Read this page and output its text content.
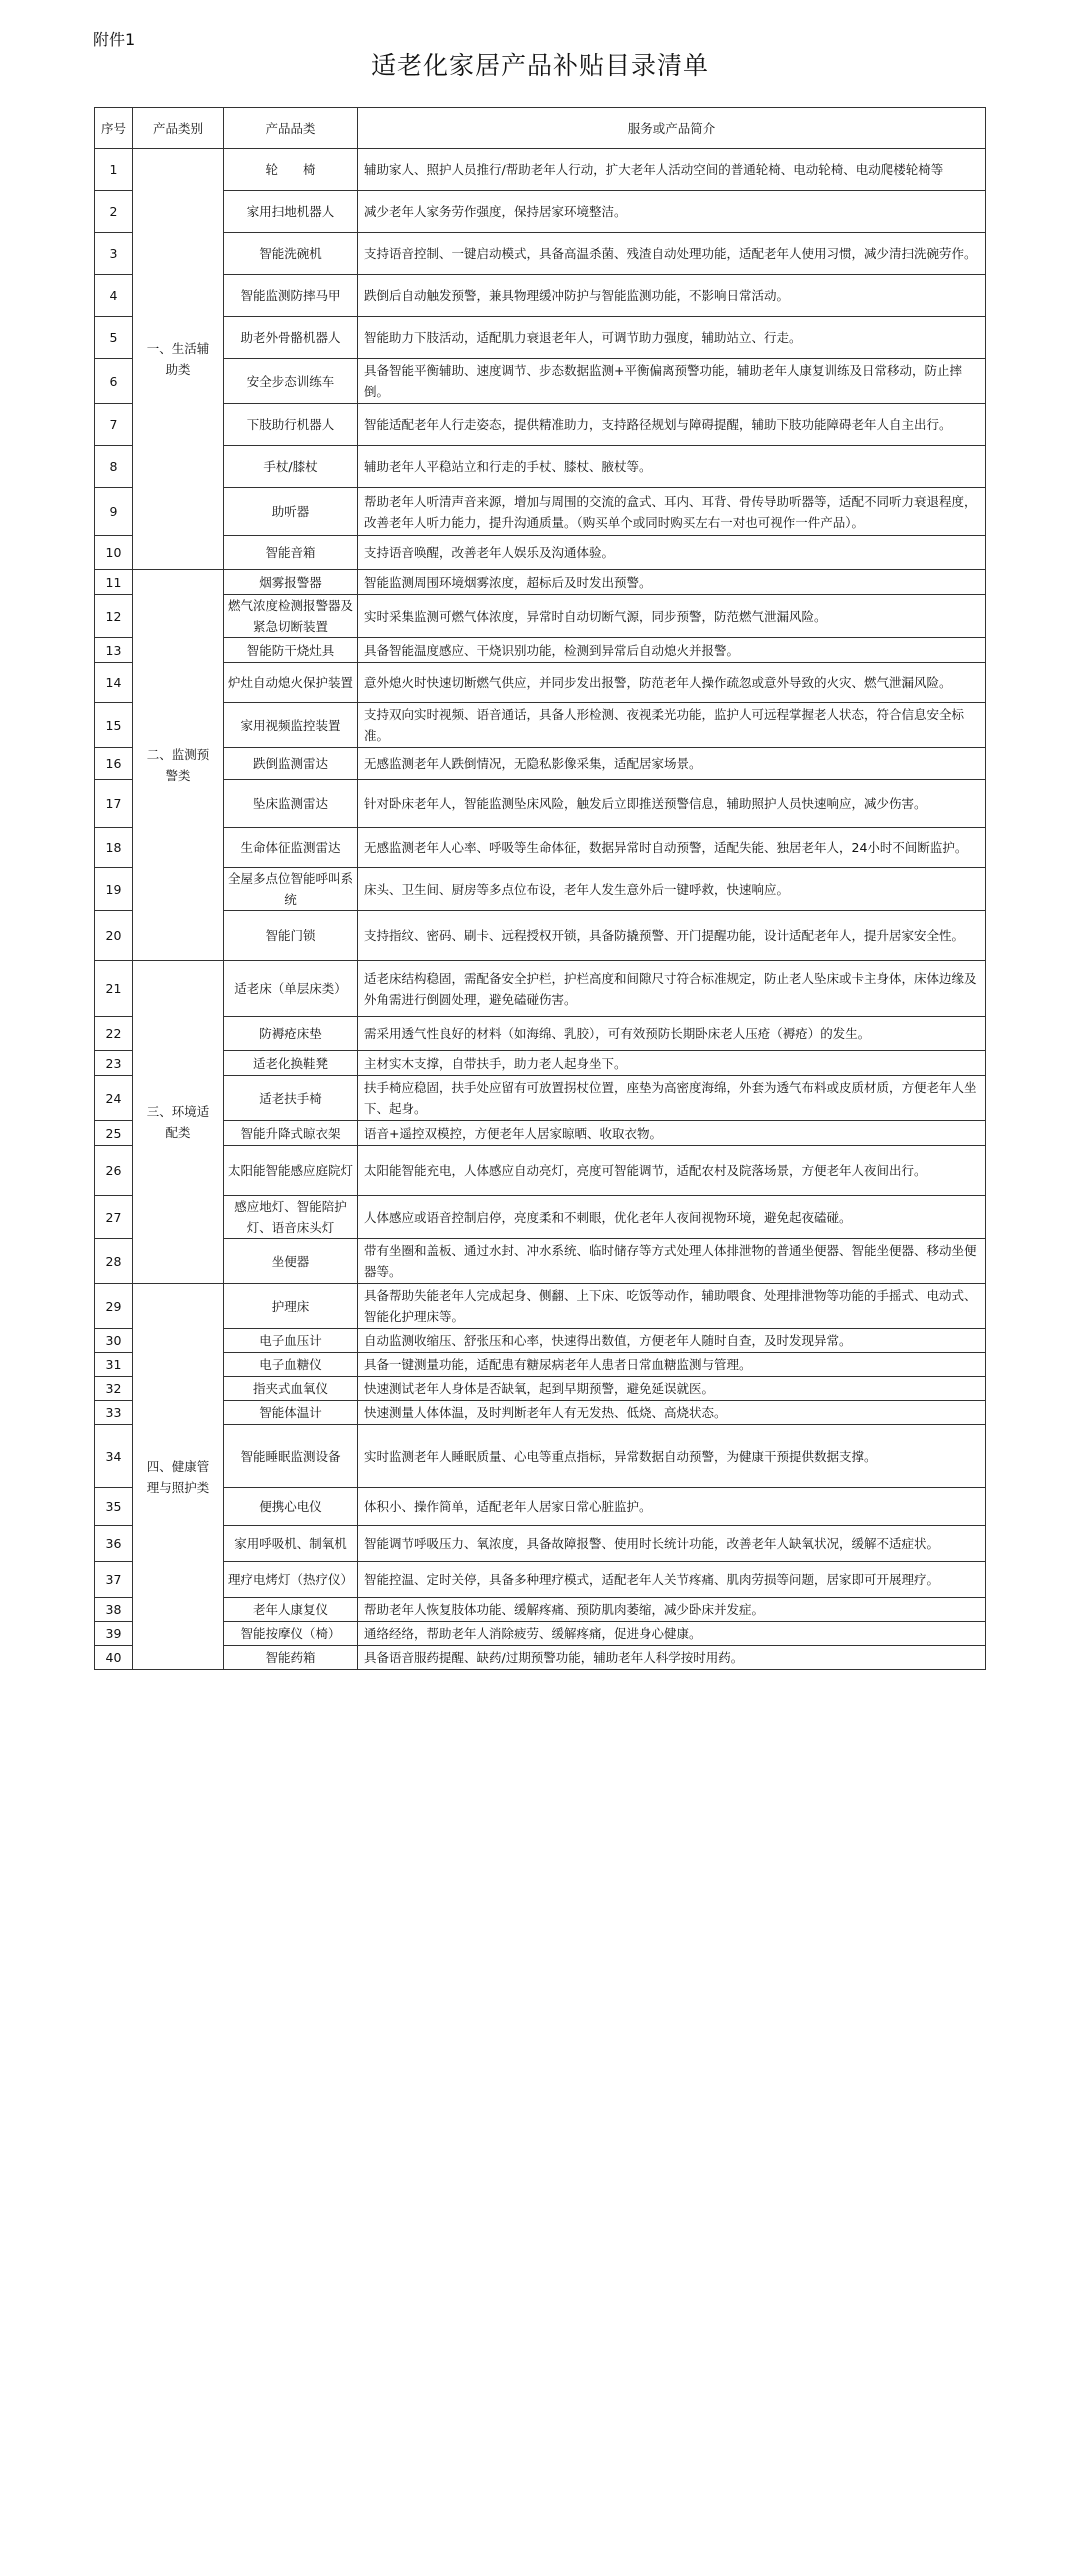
附件1
适老化家居产品补贴目录清单
序号	产品类别	产品品类	服务或产品简介
1	一、生活辅助类	轮　　椅	辅助家人、照护人员推行/帮助老年人行动，扩大老年人活动空间的普通轮椅、电动轮椅、电动爬楼轮椅等
2		家用扫地机器人	减少老年人家务劳作强度，保持居家环境整洁。
3		智能洗碗机	支持语音控制、一键启动模式，具备高温杀菌、残渣自动处理功能，适配老年人使用习惯，减少清扫洗碗劳作。
4		智能监测防摔马甲	跌倒后自动触发预警，兼具物理缓冲防护与智能监测功能，不影响日常活动。
5		助老外骨骼机器人	智能助力下肢活动，适配肌力衰退老年人，可调节助力强度，辅助站立、行走。
6		安全步态训练车	具备智能平衡辅助、速度调节、步态数据监测+平衡偏离预警功能，辅助老年人康复训练及日常移动，防止摔倒。
7		下肢助行机器人	智能适配老年人行走姿态，提供精准助力，支持路径规划与障碍提醒，辅助下肢功能障碍老年人自主出行。
8		手杖/膝杖	辅助老年人平稳站立和行走的手杖、膝杖、腋杖等。
9		助听器	帮助老年人听清声音来源，增加与周围的交流的盒式、耳内、耳背、骨传导助听器等，适配不同听力衰退程度，改善老年人听力能力，提升沟通质量。（购买单个或同时购买左右一对也可视作一件产品）。
10		智能音箱	支持语音唤醒，改善老年人娱乐及沟通体验。
11	二、监测预警类	烟雾报警器	智能监测周围环境烟雾浓度，超标后及时发出预警。
12		燃气浓度检测报警器及紧急切断装置	实时采集监测可燃气体浓度，异常时自动切断气源，同步预警，防范燃气泄漏风险。
13		智能防干烧灶具	具备智能温度感应、干烧识别功能，检测到异常后自动熄火并报警。
14		炉灶自动熄火保护装置	意外熄火时快速切断燃气供应，并同步发出报警，防范老年人操作疏忽或意外导致的火灾、燃气泄漏风险。
15		家用视频监控装置	支持双向实时视频、语音通话，具备人形检测、夜视柔光功能，监护人可远程掌握老人状态，符合信息安全标准。
16		跌倒监测雷达	无感监测老年人跌倒情况，无隐私影像采集，适配居家场景。
17		坠床监测雷达	针对卧床老年人，智能监测坠床风险，触发后立即推送预警信息，辅助照护人员快速响应，减少伤害。
18		生命体征监测雷达	无感监测老年人心率、呼吸等生命体征，数据异常时自动预警，适配失能、独居老年人，24小时不间断监护。
19		全屋多点位智能呼叫系统	床头、卫生间、厨房等多点位布设，老年人发生意外后一键呼救，快速响应。
20		智能门锁	支持指纹、密码、刷卡、远程授权开锁，具备防撬预警、开门提醒功能，设计适配老年人，提升居家安全性。
21	三、环境适配类	适老床（单层床类）	适老床结构稳固，需配备安全护栏，护栏高度和间隙尺寸符合标准规定，防止老人坠床或卡主身体，床体边缘及外角需进行倒圆处理，避免磕碰伤害。
22		防褥疮床垫	需采用透气性良好的材料（如海绵、乳胶），可有效预防长期卧床老人压疮（褥疮）的发生。
23		适老化换鞋凳	主材实木支撑，自带扶手，助力老人起身坐下。
24		适老扶手椅	扶手椅应稳固，扶手处应留有可放置拐杖位置，座垫为高密度海绵，外套为透气布料或皮质材质，方便老年人坐下、起身。
25		智能升降式晾衣架	语音+遥控双模控，方便老年人居家晾晒、收取衣物。
26		太阳能智能感应庭院灯	太阳能智能充电，人体感应自动亮灯，亮度可智能调节，适配农村及院落场景，方便老年人夜间出行。
27		感应地灯、智能陪护灯、语音床头灯	人体感应或语音控制启停，亮度柔和不刺眼，优化老年人夜间视物环境，避免起夜磕碰。
28		坐便器	带有坐圈和盖板、通过水封、冲水系统、临时储存等方式处理人体排泄物的普通坐便器、智能坐便器、移动坐便器等。
29	四、健康管理与照护类	护理床	具备帮助失能老年人完成起身、侧翻、上下床、吃饭等动作，辅助喂食、处理排泄物等功能的手摇式、电动式、智能化护理床等。
30		电子血压计	自动监测收缩压、舒张压和心率，快速得出数值，方便老年人随时自查，及时发现异常。
31		电子血糖仪	具备一键测量功能，适配患有糖尿病老年人患者日常血糖监测与管理。
32		指夹式血氧仪	快速测试老年人身体是否缺氧，起到早期预警，避免延误就医。
33		智能体温计	快速测量人体体温，及时判断老年人有无发热、低烧、高烧状态。
34		智能睡眠监测设备	实时监测老年人睡眠质量、心电等重点指标，异常数据自动预警，为健康干预提供数据支撑。
35		便携心电仪	体积小、操作简单，适配老年人居家日常心脏监护。
36		家用呼吸机、制氧机	智能调节呼吸压力、氧浓度，具备故障报警、使用时长统计功能，改善老年人缺氧状况，缓解不适症状。
37		理疗电烤灯（热疗仪）	智能控温、定时关停，具备多种理疗模式，适配老年人关节疼痛、肌肉劳损等问题，居家即可开展理疗。
38		老年人康复仪	帮助老年人恢复肢体功能、缓解疼痛、预防肌肉萎缩，减少卧床并发症。
39		智能按摩仪（椅）	通络经络，帮助老年人消除疲劳、缓解疼痛，促进身心健康。
40		智能药箱	具备语音服药提醒、缺药/过期预警功能，辅助老年人科学按时用药。
